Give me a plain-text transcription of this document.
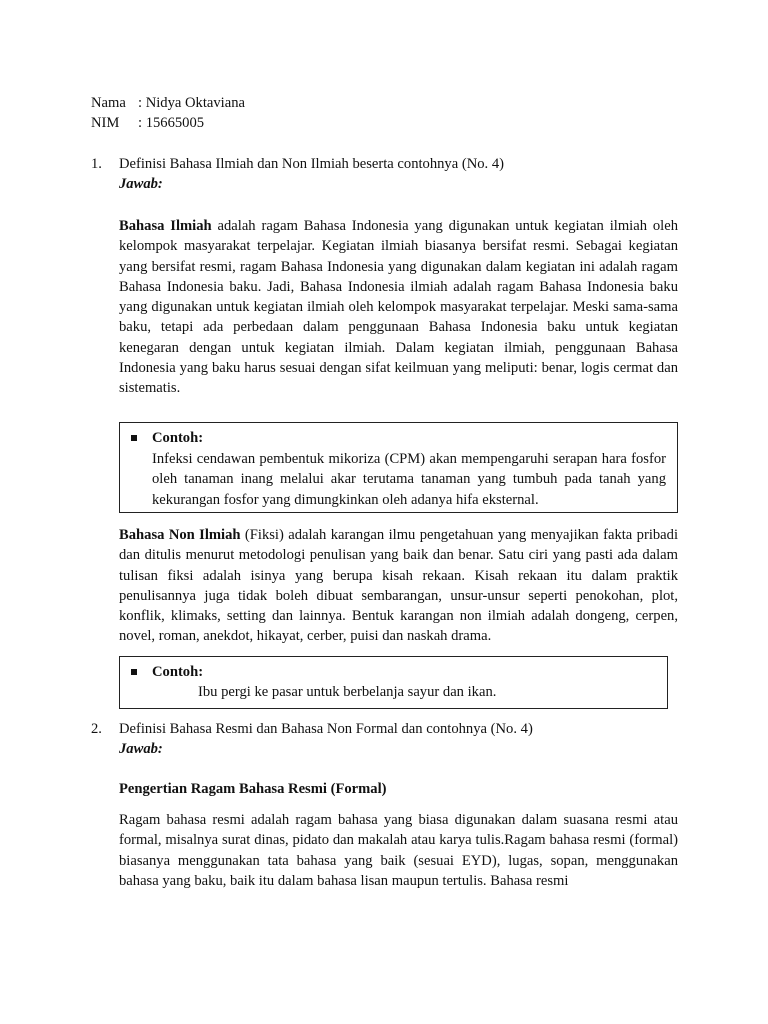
Nama : Nidya Oktaviana
NIM : 15665005
1. Definisi Bahasa Ilmiah dan Non Ilmiah beserta contohnya (No. 4)
Jawab:
Bahasa Ilmiah adalah ragam Bahasa Indonesia yang digunakan untuk kegiatan ilmiah oleh kelompok masyarakat terpelajar. Kegiatan ilmiah biasanya bersifat resmi. Sebagai kegiatan yang bersifat resmi, ragam Bahasa Indonesia yang digunakan dalam kegiatan ini adalah ragam Bahasa Indonesia baku. Jadi, Bahasa Indonesia ilmiah adalah ragam Bahasa Indonesia baku yang digunakan untuk kegiatan ilmiah oleh kelompok masyarakat terpelajar. Meski sama-sama baku, tetapi ada perbedaan dalam penggunaan Bahasa Indonesia baku untuk kegiatan kenegaran dengan untuk kegiatan ilmiah. Dalam kegiatan ilmiah, penggunaan Bahasa Indonesia yang baku harus sesuai dengan sifat keilmuan yang meliputi: benar, logis cermat dan sistematis.
Contoh:
Infeksi cendawan pembentuk mikoriza (CPM) akan mempengaruhi serapan hara fosfor oleh tanaman inang melalui akar terutama tanaman yang tumbuh pada tanah yang kekurangan fosfor yang dimungkinkan oleh adanya hifa eksternal.
Bahasa Non Ilmiah (Fiksi) adalah karangan ilmu pengetahuan yang menyajikan fakta pribadi dan ditulis menurut metodologi penulisan yang baik dan benar. Satu ciri yang pasti ada dalam tulisan fiksi adalah isinya yang berupa kisah rekaan. Kisah rekaan itu dalam praktik penulisannya juga tidak boleh dibuat sembarangan, unsur-unsur seperti penokohan, plot, konflik, klimaks, setting dan lainnya. Bentuk karangan non ilmiah adalah dongeng, cerpen, novel, roman, anekdot, hikayat, cerber, puisi dan naskah drama.
Contoh:
Ibu pergi ke pasar untuk berbelanja sayur dan ikan.
2. Definisi Bahasa Resmi dan Bahasa Non Formal dan contohnya (No. 4)
Jawab:
Pengertian Ragam Bahasa Resmi (Formal)
Ragam bahasa resmi adalah ragam bahasa yang biasa digunakan dalam suasana resmi atau formal, misalnya surat dinas, pidato dan makalah atau karya tulis.Ragam bahasa resmi (formal) biasanya menggunakan tata bahasa yang baik (sesuai EYD), lugas, sopan, menggunakan bahasa yang baku, baik itu dalam bahasa lisan maupun tertulis. Bahasa resmi
